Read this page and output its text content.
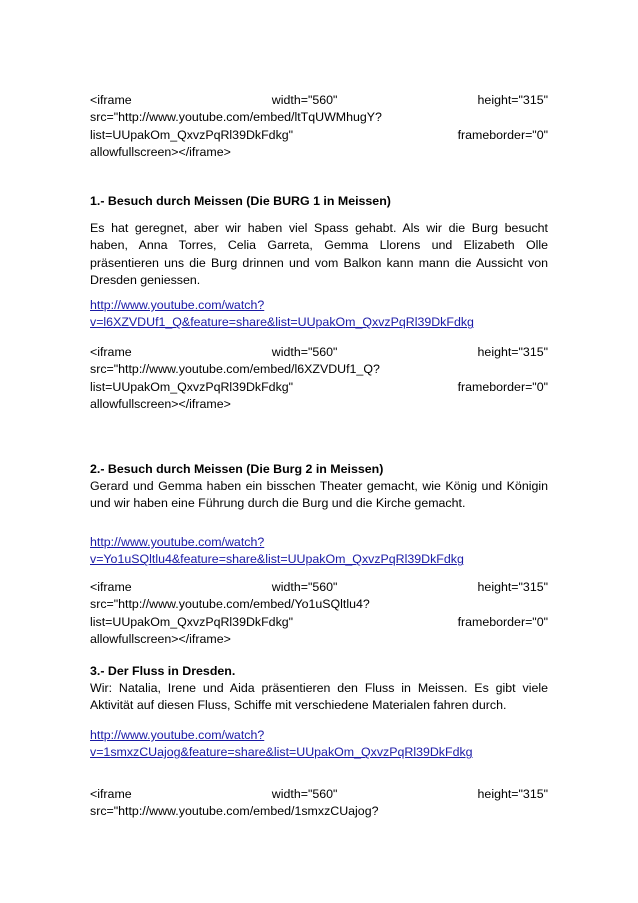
<iframe	width="560"	height="315"
src="http://www.youtube.com/embed/ltTqUWMhugY?
list=UUpakOm_QxvzPqRl39DkFdkg"	frameborder="0"
allowfullscreen></iframe>
1.- Besuch durch Meissen (Die BURG 1 in Meissen)
Es hat geregnet, aber wir haben viel Spass gehabt. Als wir die Burg besucht haben, Anna Torres, Celia Garreta, Gemma Llorens und Elizabeth Olle präsentieren uns die Burg drinnen und vom Balkon kann mann die Aussicht von Dresden geniessen.
http://www.youtube.com/watch?
v=l6XZVDUf1_Q&feature=share&list=UUpakOm_QxvzPqRl39DkFdkg
<iframe	width="560"	height="315"
src="http://www.youtube.com/embed/l6XZVDUf1_Q?
list=UUpakOm_QxvzPqRl39DkFdkg"	frameborder="0"
allowfullscreen></iframe>
2.- Besuch durch Meissen (Die Burg 2 in Meissen)
Gerard und Gemma haben ein bisschen Theater gemacht, wie König und Königin und wir haben eine Führung durch die Burg und die Kirche gemacht.
http://www.youtube.com/watch?
v=Yo1uSQltlu4&feature=share&list=UUpakOm_QxvzPqRl39DkFdkg
<iframe	width="560"	height="315"
src="http://www.youtube.com/embed/Yo1uSQltlu4?
list=UUpakOm_QxvzPqRl39DkFdkg"	frameborder="0"
allowfullscreen></iframe>
3.- Der Fluss in Dresden.
Wir: Natalia, Irene und Aida präsentieren den Fluss in Meissen. Es gibt viele Aktivität auf diesen Fluss, Schiffe mit verschiedene Materialen fahren durch.
http://www.youtube.com/watch?
v=1smxzCUajog&feature=share&list=UUpakOm_QxvzPqRl39DkFdkg
<iframe	width="560"	height="315"
src="http://www.youtube.com/embed/1smxzCUajog?
